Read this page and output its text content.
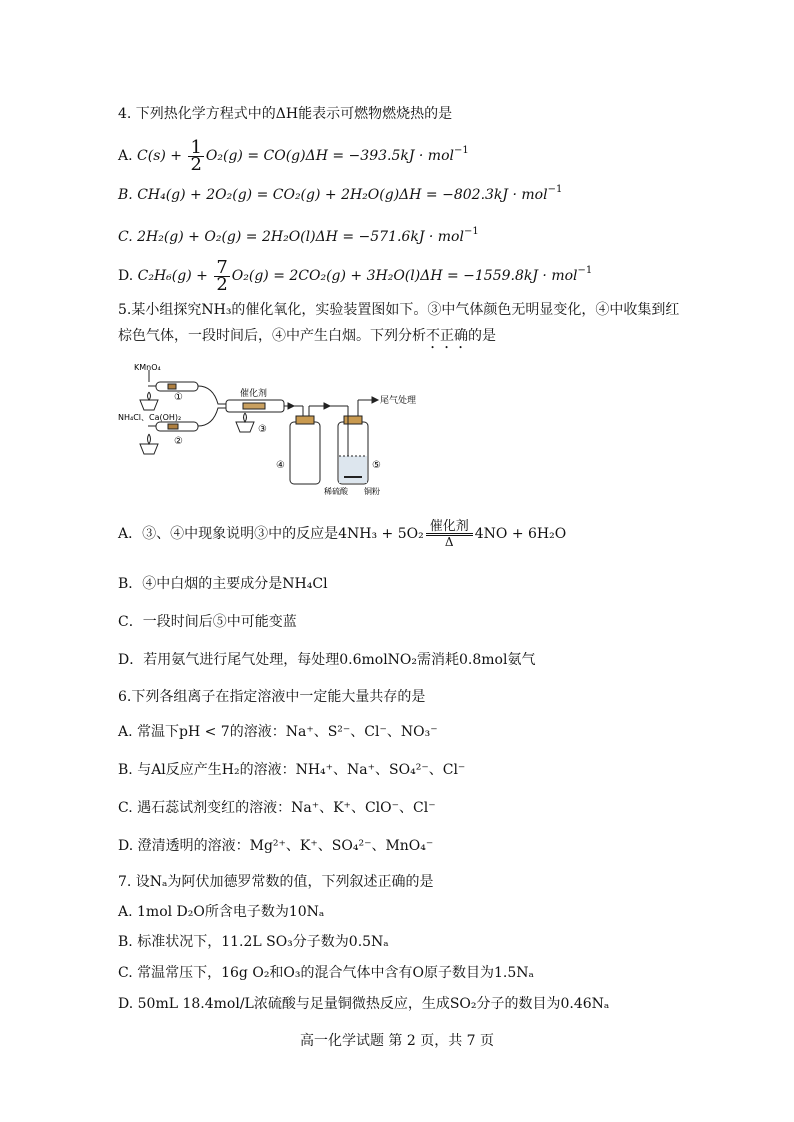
4. 下列热化学方程式中的ΔH能表示可燃物燃烧热的是
A. $C(s) + \frac{1}{2} O_2(g) = CO(g)\Delta H = -393.5kJ \cdot mol^{-1}$
B. CH₄(g) + 2O₂(g) = CO₂(g) + 2H₂O(g)ΔH = −802.3kJ · mol$^{-1}$
C. 2H₂(g) + O₂(g) = 2H₂O(l)ΔH = −571.6kJ · mol$^{-1}$
D. $C_2H_6(g) + \frac{7}{2} O_2(g) = 2CO_2(g) + 3H_2O(l)\Delta H = -1559.8kJ \cdot mol^{-1}$
5.某小组探究NH₃的催化氧化，实验装置图如下。③中气体颜色无明显变化，④中收集到红
棕色气体，一段时间后，④中产生白烟。下列分析不正确的是
KMnO₄
①
NH₄Cl、Ca(OH)₂
②
催化剂
③
尾气处理
④	⑤
稀硫酸 铜粉
A．③、④中现象说明③中的反应是4NH₃ + 5O₂ 催化剂
Δ	4NO + 6H₂O
B．④中白烟的主要成分是NH₄Cl
C．一段时间后⑤中可能变蓝
D．若用氨气进行尾气处理，每处理0.6molNO₂需消耗0.8mol氨气
6.下列各组离子在指定溶液中一定能大量共存的是
A. 常温下pH < 7的溶液：Na⁺、S²⁻、Cl⁻、NO₃⁻
B. 与Al反应产生H₂的溶液：NH₄⁺、Na⁺、SO₄²⁻、Cl⁻
C. 遇石蕊试剂变红的溶液：Na⁺、K⁺、ClO⁻、Cl⁻
D. 澄清透明的溶液：Mg²⁺、K⁺、SO₄²⁻、MnO₄⁻
7. 设Nₐ为阿伏加德罗常数的值，下列叙述正确的是
A. 1mol D₂O所含电子数为10Nₐ
B. 标准状况下，11.2L SO₃分子数为0.5Nₐ
C. 常温常压下，16g O₂和O₃的混合气体中含有O原子数目为1.5Nₐ
D. 50mL 18.4mol/L浓硫酸与足量铜微热反应，生成SO₂分子的数目为0.46Nₐ
高一化学试题 第 2 页，共 7 页
